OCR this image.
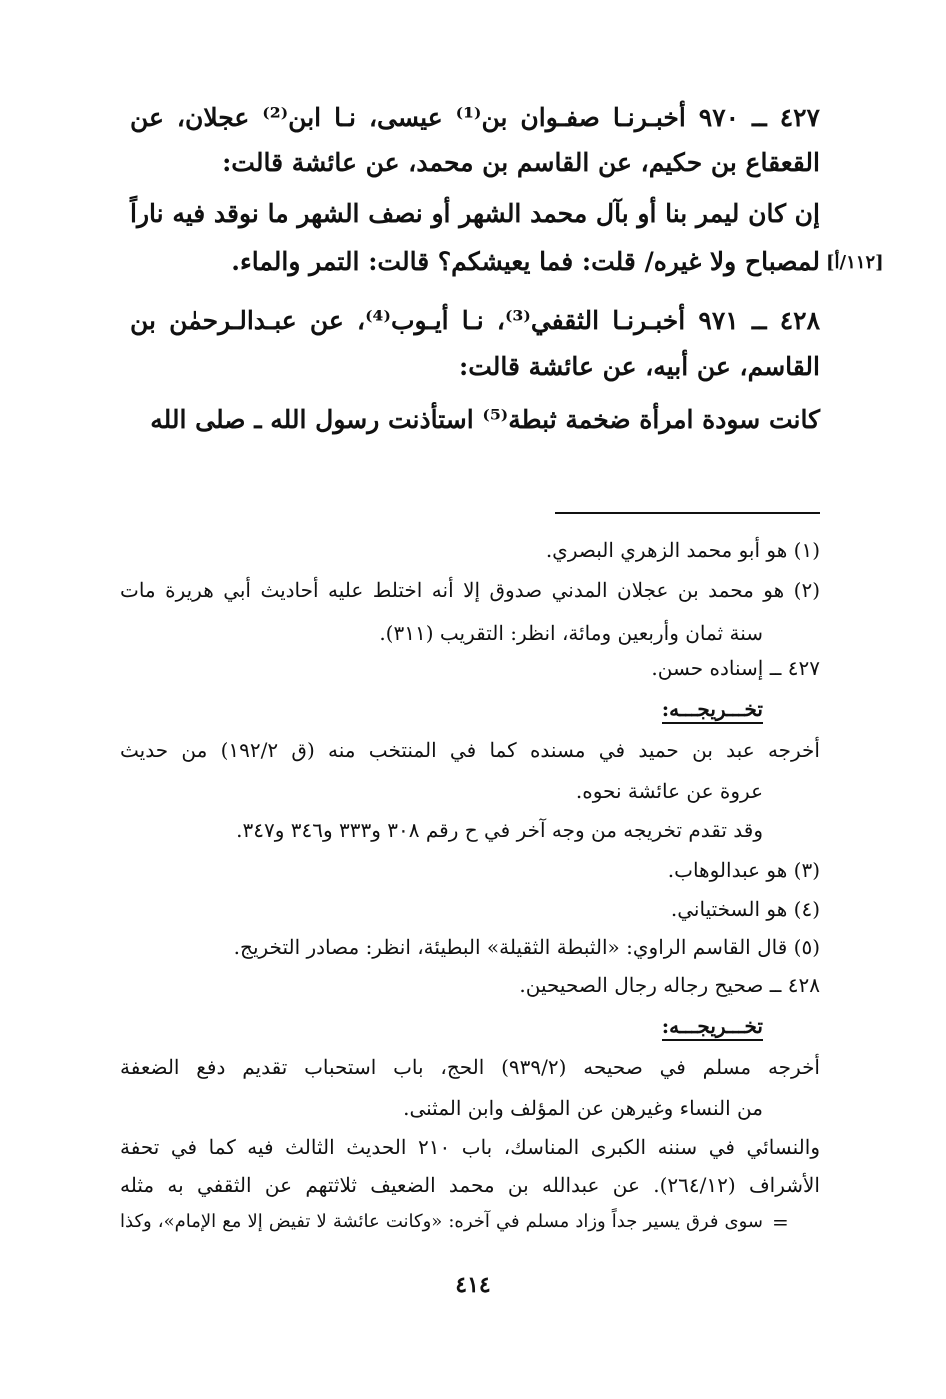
٤٢٧ ــ ٩٧٠ أخبـرنـا صفـوان بن⁽¹⁾ عيسى، نـا ابن⁽²⁾ عجلان، عن
القعقاع بن حكيم، عن القاسم بن محمد، عن عائشة قالت:
إن كان ليمر بنا أو بآل محمد الشهر أو نصف الشهر ما نوقد فيه ناراً
لمصباح ولا غيره/ قلت: فما يعيشكم؟ قالت: التمر والماء. [١١٢/أ]
٤٢٨ ــ ٩٧١ أخبـرنـا الثقفي⁽³⁾، نـا أيـوب⁽⁴⁾، عن عبـدالـرحمٰن بن
القاسم، عن أبيه، عن عائشة قالت:
كانت سودة امرأة ضخمة ثبطة⁽⁵⁾ استأذنت رسول الله ـ صلى الله
(١) هو أبو محمد الزهري البصري.
(٢) هو محمد بن عجلان المدني صدوق إلا أنه اختلط عليه أحاديث أبي هريرة مات
سنة ثمان وأربعين ومائة، انظر: التقريب (٣١١).
٤٢٧ ــ إسناده حسن.
تخـــريجـــه:
أخرجه عبد بن حميد في مسنده كما في المنتخب منه (ق ١٩٢/٢) من حديث
عروة عن عائشة نحوه.
وقد تقدم تخريجه من وجه آخر في ح رقم ٣٠٨ و٣٣٣ و٣٤٦ و٣٤٧.
(٣) هو عبدالوهاب.
(٤) هو السختياني.
(٥) قال القاسم الراوي: «الثبطة الثقيلة» البطيئة، انظر: مصادر التخريج.
٤٢٨ ــ صحيح رجاله رجال الصحيحين.
تخـــريجـــه:
أخرجه مسلم في صحيحه (٩٣٩/٢) الحج، باب استحباب تقديم دفع الضعفة
من النساء وغيرهن عن المؤلف وابن المثنى.
والنسائي في سننه الكبرى المناسك، باب ٢١٠ الحديث الثالث فيه كما في تحفة
الأشراف (٢٦٤/١٢). عن عبدالله بن محمد الضعيف ثلاثتهم عن الثقفي به مثله
سوى فرق يسير جداً وزاد مسلم في آخره: «وكانت عائشة لا تفيض إلا مع الإمام»، وكذا =
٤١٤
